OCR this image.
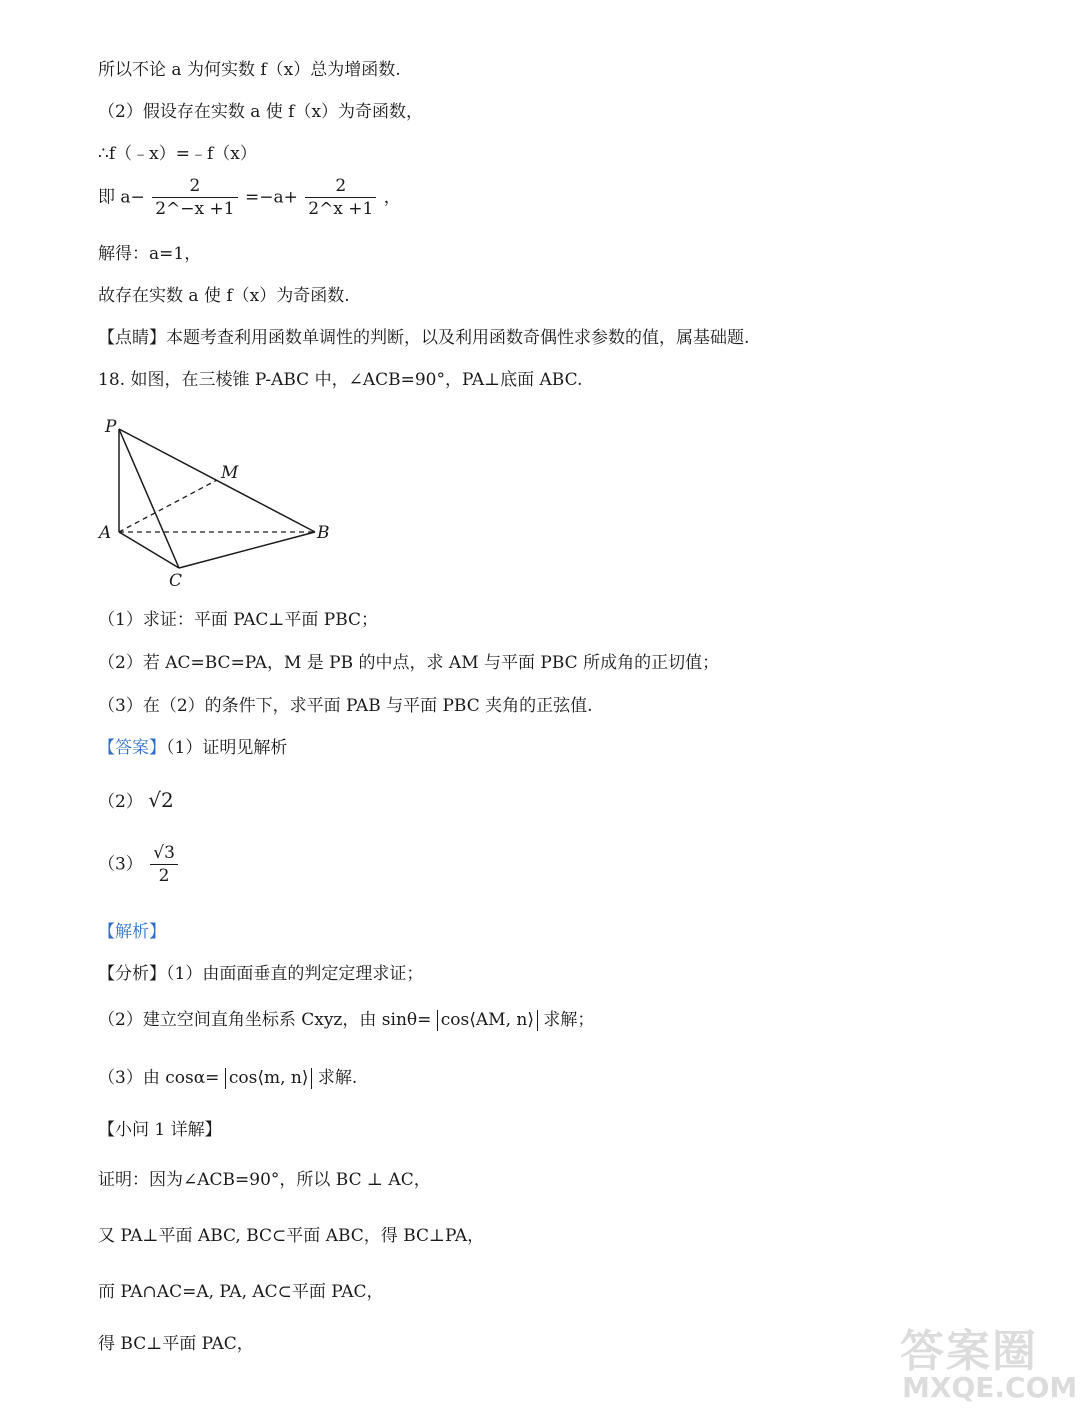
所以不论 a 为何实数 f（x）总为增函数.
（2）假设存在实数 a 使 f（x）为奇函数，
∴f（﹣x）=﹣f（x）
即 $a- \frac{2}{2\^{}-x +1} =-a+ \frac{2}{2\^{}x +1}$ ，
解得：a=1，
故存在实数 a 使 f（x）为奇函数.
【点睛】本题考查利用函数单调性的判断，以及利用函数奇偶性求参数的值，属基础题.
18. 如图，在三棱锥 P-ABC 中，∠ACB=90°，PA⊥底面 ABC.
P
M
A	B
C
（1）求证：平面 PAC⊥平面 PBC；
（2）若 AC=BC=PA，M 是 PB 的中点，求 AM 与平面 PBC 所成角的正切值；
（3）在（2）的条件下，求平面 PAB 与平面 PBC 夹角的正弦值.
【答案】（1）证明见解析
（2） √2
$(3) \frac{√3}{2}$
【解析】
【分析】（1）由面面垂直的判定定理求证；
（2）建立空间直角坐标系 Cxyz，由 sinθ= cos⟨AM, n⟩ 求解；
（3）由 cosα= cos⟨m, n⟩ 求解.
【小问 1 详解】
证明：因为∠ACB=90°，所以 BC ⊥ AC，
又 PA⊥平面 ABC, BC⊂平面 ABC，得 BC⊥PA，
而 PA∩AC=A, PA, AC⊂平面 PAC，
得 BC⊥平面 PAC，	答案圈
MXQE.COM
